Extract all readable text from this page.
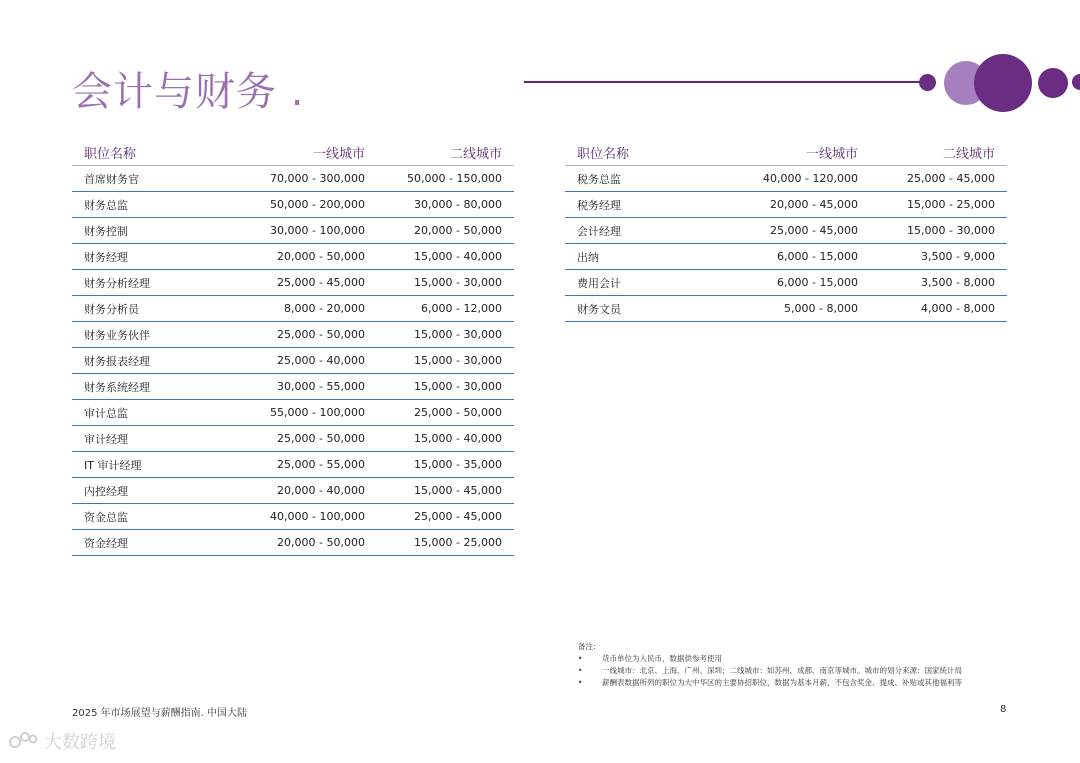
会计与财务 .
职位名称	一线城市	二线城市
首席财务官	70,000 - 300,000	50,000 - 150,000
财务总监	50,000 - 200,000	30,000 - 80,000
财务控制	30,000 - 100,000	20,000 - 50,000
财务经理	20,000 - 50,000	15,000 - 40,000
财务分析经理	25,000 - 45,000	15,000 - 30,000
财务分析员	8,000 - 20,000	6,000 - 12,000
财务业务伙伴	25,000 - 50,000	15,000 - 30,000
财务报表经理	25,000 - 40,000	15,000 - 30,000
财务系统经理	30,000 - 55,000	15,000 - 30,000
审计总监	55,000 - 100,000	25,000 - 50,000
审计经理	25,000 - 50,000	15,000 - 40,000
IT 审计经理	25,000 - 55,000	15,000 - 35,000
内控经理	20,000 - 40,000	15,000 - 45,000
资金总监	40,000 - 100,000	25,000 - 45,000
资金经理	20,000 - 50,000	15,000 - 25,000
职位名称	一线城市	二线城市
税务总监	40,000 - 120,000	25,000 - 45,000
税务经理	20,000 - 45,000	15,000 - 25,000
会计经理	25,000 - 45,000	15,000 - 30,000
出纳	6,000 - 15,000	3,500 - 9,000
费用会计	6,000 - 15,000	3,500 - 8,000
财务文员	5,000 - 8,000	4,000 - 8,000
备注:
• 货币单位为人民币，数据供参考使用
• 一线城市：北京、上海、广州、深圳；二线城市：如苏州、成都、南京等城市。城市的划分来源：国家统计局
• 薪酬表数据所列的职位为大中华区的主要协招职位，数据为基本月薪，不包含奖金、提成、补贴或其他福利等
2025 年市场展望与薪酬指南. 中国大陆	8
大数跨境
